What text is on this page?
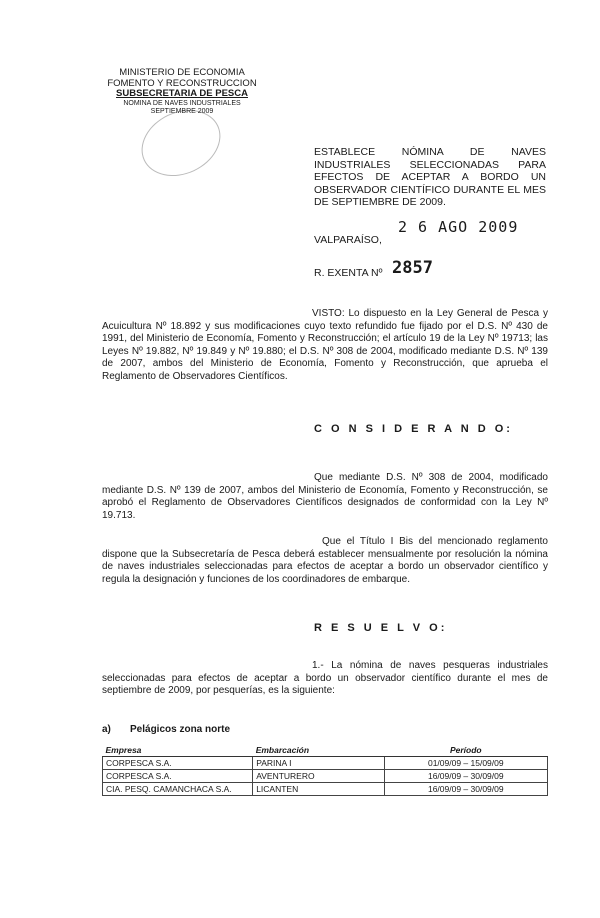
MINISTERIO DE ECONOMIA
FOMENTO Y RECONSTRUCCION
SUBSECRETARIA DE PESCA
NOMINA DE NAVES INDUSTRIALES
SEPTIEMBRE 2009
ESTABLECE NÓMINA DE NAVES INDUSTRIALES SELECCIONADAS PARA EFECTOS DE ACEPTAR A BORDO UN OBSERVADOR CIENTÍFICO DURANTE EL MES DE SEPTIEMBRE DE 2009.
VALPARAÍSO,
2 6 AGO 2009
R. EXENTA Nº 2857
VISTO: Lo dispuesto en la Ley General de Pesca y Acuicultura Nº 18.892 y sus modificaciones cuyo texto refundido fue fijado por el D.S. Nº 430 de 1991, del Ministerio de Economía, Fomento y Reconstrucción; el artículo 19 de la Ley Nº 19713; las Leyes Nº 19.882, Nº 19.849 y Nº 19.880; el D.S. Nº 308 de 2004, modificado mediante D.S. Nº 139 de 2007, ambos del Ministerio de Economía, Fomento y Reconstrucción, que aprueba el Reglamento de Observadores Científicos.
C O N S I D E R A N D O:
Que mediante D.S. Nº 308 de 2004, modificado mediante D.S. Nº 139 de 2007, ambos del Ministerio de Economía, Fomento y Reconstrucción, se aprobó el Reglamento de Observadores Científicos designados de conformidad con la Ley Nº 19.713.
Que el Título I Bis del mencionado reglamento dispone que la Subsecretaría de Pesca deberá establecer mensualmente por resolución la nómina de naves industriales seleccionadas para efectos de aceptar a bordo un observador científico y regula la designación y funciones de los coordinadores de embarque.
R E S U E L V O:
1.- La nómina de naves pesqueras industriales seleccionadas para efectos de aceptar a bordo un observador científico durante el mes de septiembre de 2009, por pesquerías, es la siguiente:
a) Pelágicos zona norte
Empresa	Embarcación	Período
CORPESCA S.A.	PARINA I	01/09/09 – 15/09/09
CORPESCA S.A.	AVENTURERO	16/09/09 – 30/09/09
CIA. PESQ. CAMANCHACA S.A.	LICANTEN	16/09/09 – 30/09/09
